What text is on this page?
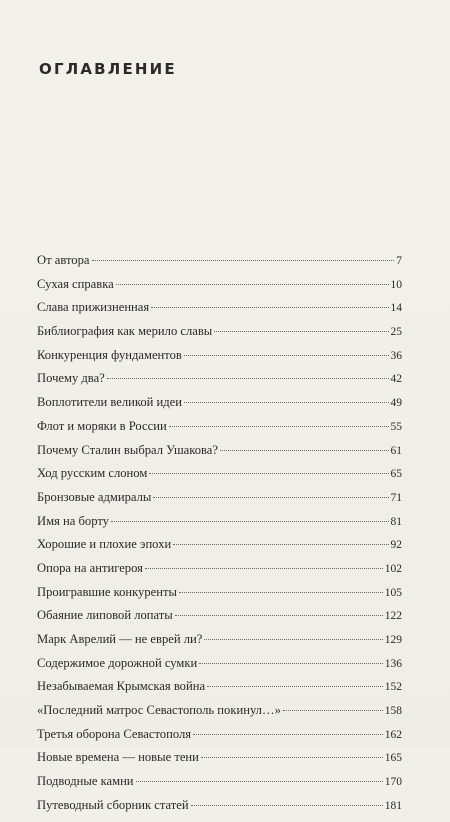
ОГЛАВЛЕНИЕ
От автора	7
Сухая справка	10
Слава прижизненная	14
Библиография как мерило славы	25
Конкуренция фундаментов	36
Почему два?	42
Воплотители великой идеи	49
Флот и моряки в России	55
Почему Сталин выбрал Ушакова?	61
Ход русским слоном	65
Бронзовые адмиралы	71
Имя на борту	81
Хорошие и плохие эпохи	92
Опора на антигероя	102
Проигравшие конкуренты	105
Обаяние липовой лопаты	122
Марк Аврелий — не еврей ли?	129
Содержимое дорожной сумки	136
Незабываемая Крымская война	152
«Последний матрос Севастополь покинул…»	158
Третья оборона Севастополя	162
Новые времена — новые тени	165
Подводные камни	170
Путеводный сборник статей	181
